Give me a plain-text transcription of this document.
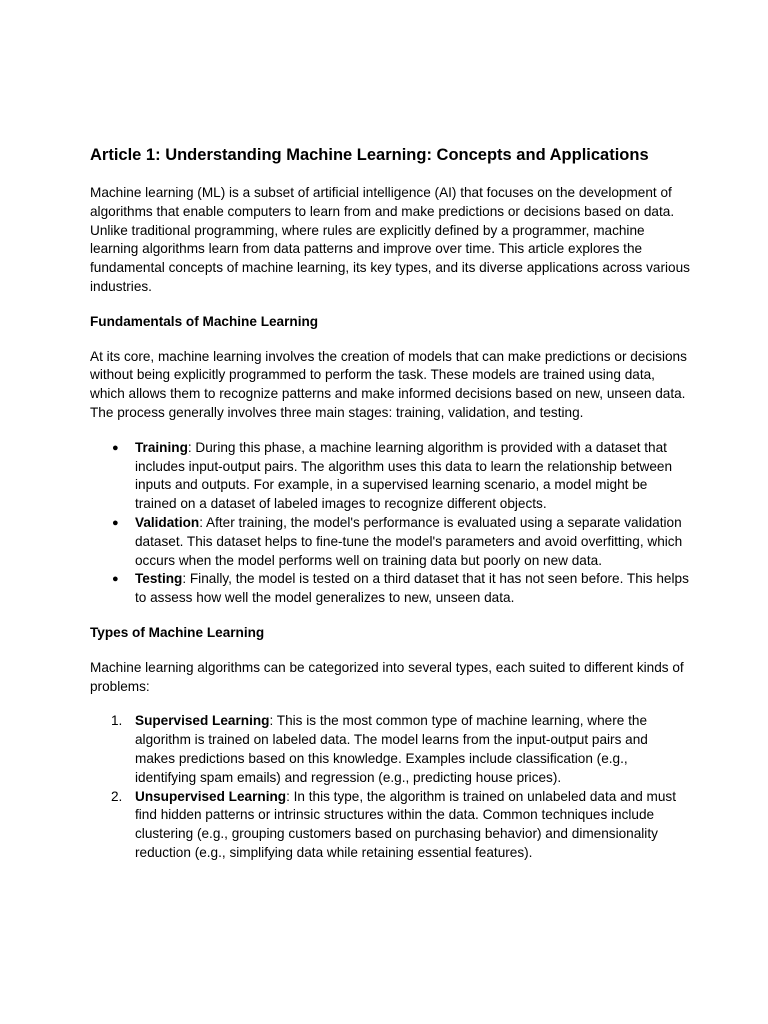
Article 1: Understanding Machine Learning: Concepts and Applications
Machine learning (ML) is a subset of artificial intelligence (AI) that focuses on the development of algorithms that enable computers to learn from and make predictions or decisions based on data. Unlike traditional programming, where rules are explicitly defined by a programmer, machine learning algorithms learn from data patterns and improve over time. This article explores the fundamental concepts of machine learning, its key types, and its diverse applications across various industries.
Fundamentals of Machine Learning
At its core, machine learning involves the creation of models that can make predictions or decisions without being explicitly programmed to perform the task. These models are trained using data, which allows them to recognize patterns and make informed decisions based on new, unseen data. The process generally involves three main stages: training, validation, and testing.
● Training: During this phase, a machine learning algorithm is provided with a dataset that includes input-output pairs. The algorithm uses this data to learn the relationship between inputs and outputs. For example, in a supervised learning scenario, a model might be trained on a dataset of labeled images to recognize different objects.
● Validation: After training, the model's performance is evaluated using a separate validation dataset. This dataset helps to fine-tune the model's parameters and avoid overfitting, which occurs when the model performs well on training data but poorly on new data.
● Testing: Finally, the model is tested on a third dataset that it has not seen before. This helps to assess how well the model generalizes to new, unseen data.
Types of Machine Learning
Machine learning algorithms can be categorized into several types, each suited to different kinds of problems:
1. Supervised Learning: This is the most common type of machine learning, where the algorithm is trained on labeled data. The model learns from the input-output pairs and makes predictions based on this knowledge. Examples include classification (e.g., identifying spam emails) and regression (e.g., predicting house prices).
2. Unsupervised Learning: In this type, the algorithm is trained on unlabeled data and must find hidden patterns or intrinsic structures within the data. Common techniques include clustering (e.g., grouping customers based on purchasing behavior) and dimensionality reduction (e.g., simplifying data while retaining essential features).
